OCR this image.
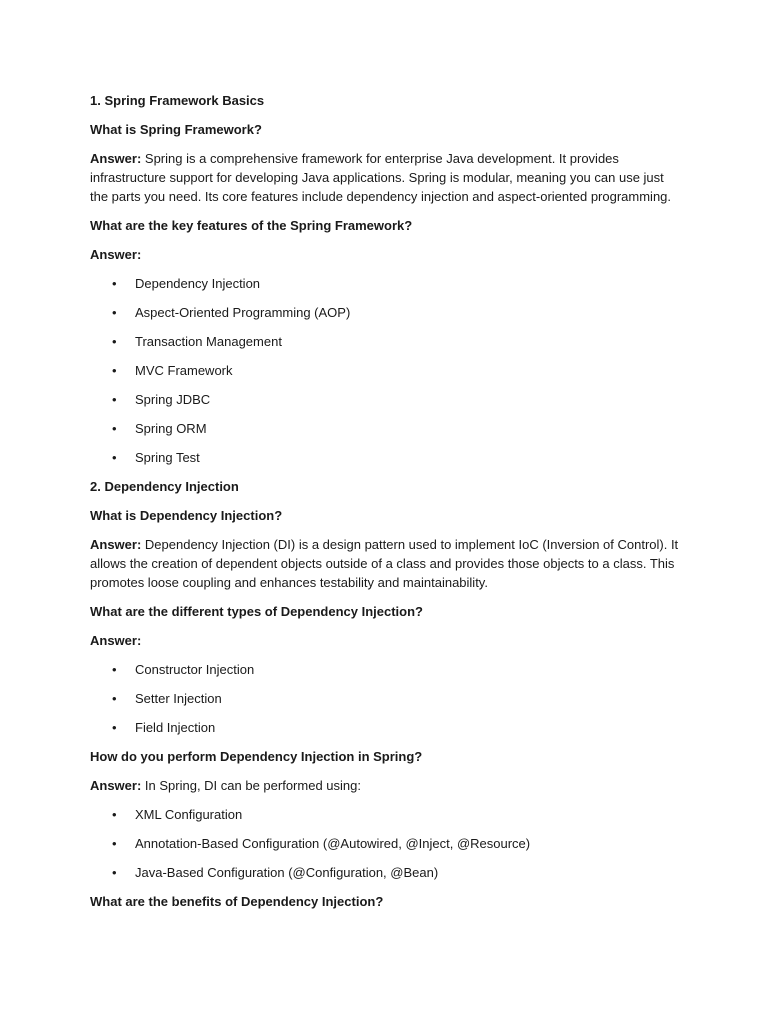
1. Spring Framework Basics

What is Spring Framework?

Answer: Spring is a comprehensive framework for enterprise Java development. It provides infrastructure support for developing Java applications. Spring is modular, meaning you can use just the parts you need. Its core features include dependency injection and aspect-oriented programming.

What are the key features of the Spring Framework?

Answer:

• Dependency Injection
• Aspect-Oriented Programming (AOP)
• Transaction Management
• MVC Framework
• Spring JDBC
• Spring ORM
• Spring Test

2. Dependency Injection

What is Dependency Injection?

Answer: Dependency Injection (DI) is a design pattern used to implement IoC (Inversion of Control). It allows the creation of dependent objects outside of a class and provides those objects to a class. This promotes loose coupling and enhances testability and maintainability.

What are the different types of Dependency Injection?

Answer:

• Constructor Injection
• Setter Injection
• Field Injection

How do you perform Dependency Injection in Spring?

Answer: In Spring, DI can be performed using:

• XML Configuration
• Annotation-Based Configuration (@Autowired, @Inject, @Resource)
• Java-Based Configuration (@Configuration, @Bean)

What are the benefits of Dependency Injection?
